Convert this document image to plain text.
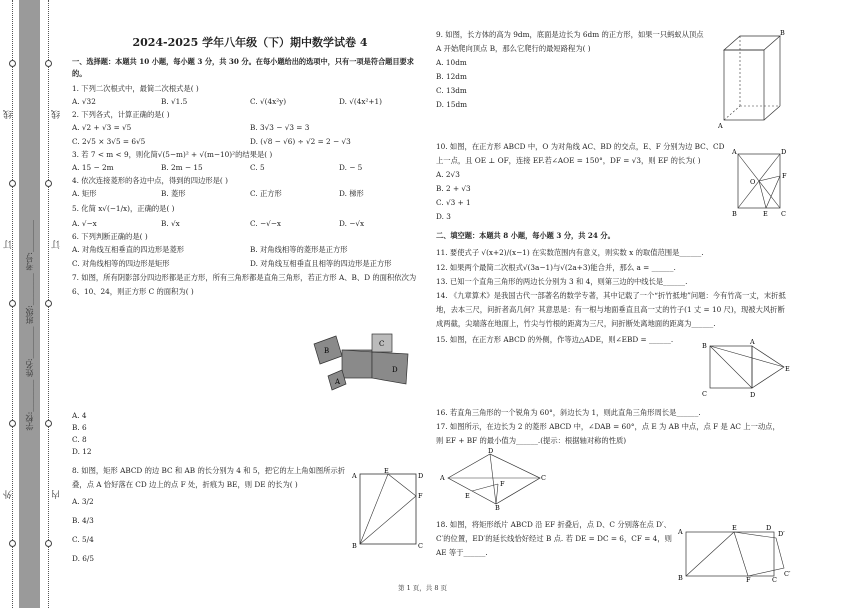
线
订
外
线
订
内
学校:________ 姓名:________ 班级:________ 考号:________
2024-2025 学年八年级（下）期中数学试卷 4
一、选择题：本题共 10 小题，每小题 3 分，共 30 分。在每小题给出的选项中，只有一项是符合题目要求的。
1. 下列二次根式中，最简二次根式是( )
A. √32	B. √1.5	C. √(4x²y)	D. √(4x²+1)
2. 下列各式，计算正确的是( )
A. √2 + √3 = √5	B. 3√3 − √3 = 3
C. 2√5 × 3√5 = 6√5	D. (√8 − √6) ÷ √2 = 2 − √3
3. 若 7 < m < 9，则化简√(5−m)² + √(m−10)²的结果是( )
A. 15 − 2m	B. 2m − 15	C. 5	D. − 5
4. 依次连接菱形的各边中点，得到的四边形是( )
A. 矩形	B. 菱形	C. 正方形	D. 梯形
5. 化简 x√(−1/x)，正确的是( )
A. √−x	B. √x	C. −√−x	D. −√x
6. 下列判断正确的是( )
A. 对角线互相垂直的四边形是菱形	B. 对角线相等的菱形是正方形
C. 对角线相等的四边形是矩形	D. 对角线互相垂直且相等的四边形是正方形
7. 如图，所有阴影部分四边形都是正方形，所有三角形都是直角三角形，若正方形 A、B、D 的面积依次为
6、10、24，则正方形 C 的面积为( )
B
A
C
D
A. 4
B. 6
C. 8
D. 12
8. 如图，矩形 ABCD 的边 BC 和 AB 的长分别为 4 和 5，把它的左上角如图所示折
叠，点 A 恰好落在 CD 边上的点 F 处，折痕为 BE，则 DE 的长为( )
A. 3/2
B. 4/3
C. 5/4
D. 6/5
A
E
D
F
B	C
9. 如图，长方体的高为 9dm，底面是边长为 6dm 的正方形，如果一只蚂蚁从顶点
A 开始爬向顶点 B，那么它爬行的最短路程为( )
A. 10dm
B. 12dm
C. 13dm
D. 15dm
B
A
10. 如图，在正方形 ABCD 中，O 为对角线 AC、BD 的交点，E、F 分别为边 BC、CD
上一点，且 OE ⊥ OF，连接 EF.若∠AOE = 150°，DF = √3，则 EF 的长为( )
A. 2√3
B. 2 + √3
C. √3 + 1
D. 3
二、填空题：本题共 8 小题，每小题 3 分，共 24 分。
11. 要使式子 √(x+2)/(x−1) 在实数范围内有意义，则实数 x 的取值范围是______.
12. 如果两个最简二次根式√(3a−1)与√(2a+3)能合并，那么 a = ______.
13. 已知一个直角三角形的两边长分别为 3 和 4，则第三边的中线长是______.
14. 《九章算术》是我国古代一部著名的数学专著，其中记载了一个“折竹抵地”问题：今有竹高一丈，末折抵地，去本三尺，问折者高几何？其意思是：有一根与地面垂直且高一丈的竹子(1 丈 = 10 尺)，现被大风折断成两截，尖端落在地面上，竹尖与竹根的距离为三尺，问折断处离地面的距离为______.
15. 如图，在正方形 ABCD 的外侧，作等边△ADE，则∠EBD = ______.
A	D
O
F
B	E C
B	A
E
C	D
16. 若直角三角形的一个锐角为 60°，斜边长为 1，则此直角三角形周长是______.
17. 如图所示，在边长为 2 的菱形 ABCD 中，∠DAB = 60°，点 E 为 AB 中点，点 F 是 AC 上一动点，则 EF + BF 的最小值为______.(提示：根据轴对称的性质)
D
A	C
F
E
B
18. 如图，将矩形纸片 ABCD 沿 EF 折叠后，点 D、C 分别落在点 D′、C′的位置，ED′的延长线恰好经过 B 点. 若 DE = DC = 6，CF = 4，则 AE 等于______.
A	E	D
D′
B	F	C
C′
第 1 页，共 8 页
